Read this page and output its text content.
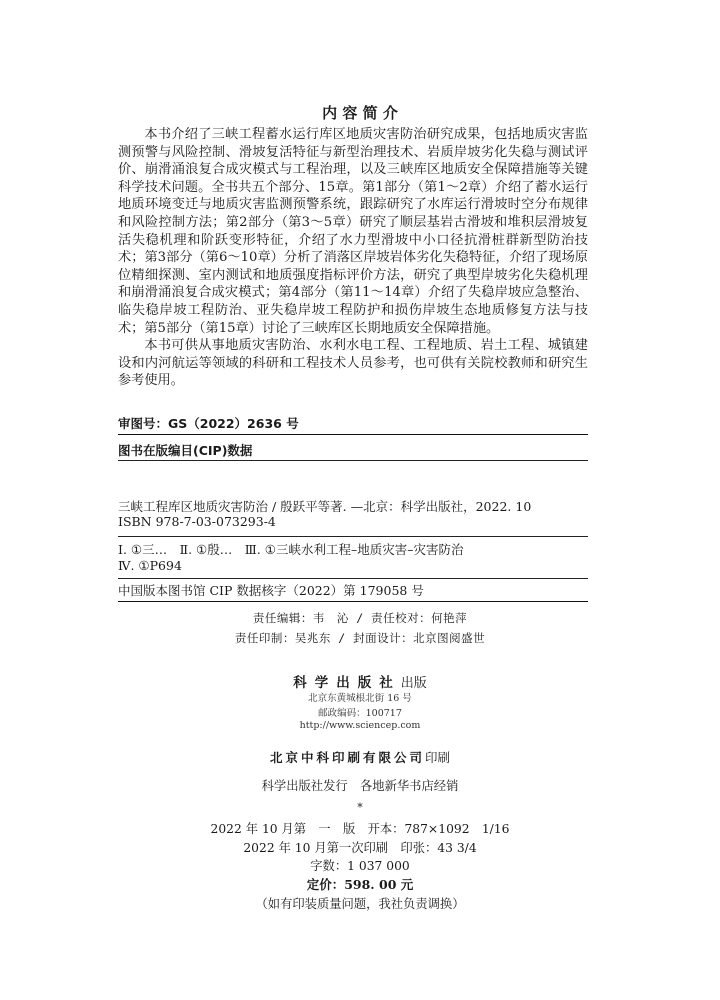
内 容 简 介

本书介绍了三峡工程蓄水运行库区地质灾害防治研究成果，包括地质灾害监测预警与风险控制、滑坡复活特征与新型治理技术、岩质岸坡劣化失稳与测试评价、崩滑涌浪复合成灾模式与工程治理，以及三峡库区地质安全保障措施等关键科学技术问题。全书共五个部分、15章。第1部分（第1～2章）介绍了蓄水运行地质环境变迁与地质灾害监测预警系统，跟踪研究了水库运行滑坡时空分布规律和风险控制方法；第2部分（第3～5章）研究了顺层基岩古滑坡和堆积层滑坡复活失稳机理和阶跃变形特征，介绍了水力型滑坡中小口径抗滑桩群新型防治技术；第3部分（第6～10章）分析了消落区岸坡岩体劣化失稳特征，介绍了现场原位精细探测、室内测试和地质强度指标评价方法，研究了典型岸坡劣化失稳机理和崩滑涌浪复合成灾模式；第4部分（第11～14章）介绍了失稳岸坡应急整治、临失稳岸坡工程防治、亚失稳岸坡工程防护和损伤岸坡生态地质修复方法与技术；第5部分（第15章）讨论了三峡库区长期地质安全保障措施。

本书可供从事地质灾害防治、水利水电工程、工程地质、岩土工程、城镇建设和内河航运等领域的科研和工程技术人员参考，也可供有关院校教师和研究生参考使用。

审图号：GS（2022）2636 号
图书在版编目(CIP)数据
三峡工程库区地质灾害防治 / 殷跃平等著. —北京：科学出版社，2022. 10
ISBN 978-7-03-073293-4
Ⅰ. ①三…　Ⅱ. ①殷…　Ⅲ. ①三峡水利工程–地质灾害–灾害防治
Ⅳ. ①P694
中国版本图书馆 CIP 数据核字（2022）第 179058 号
责任编辑：韦　沁 / 责任校对：何艳萍
责任印制：吴兆东 / 封面设计：北京图阅盛世
科学出版社出版
北京东黄城根北街 16 号
邮政编码：100717
http://www.sciencep.com
北京中科印刷有限公司印刷
科学出版社发行　各地新华书店经销
*
2022 年 10 月第　一　版　开本：787×1092　1/16
2022 年 10 月第一次印刷　印张：43 3/4
字数：1 037 000
定价：598. 00 元
（如有印装质量问题，我社负责调换）
